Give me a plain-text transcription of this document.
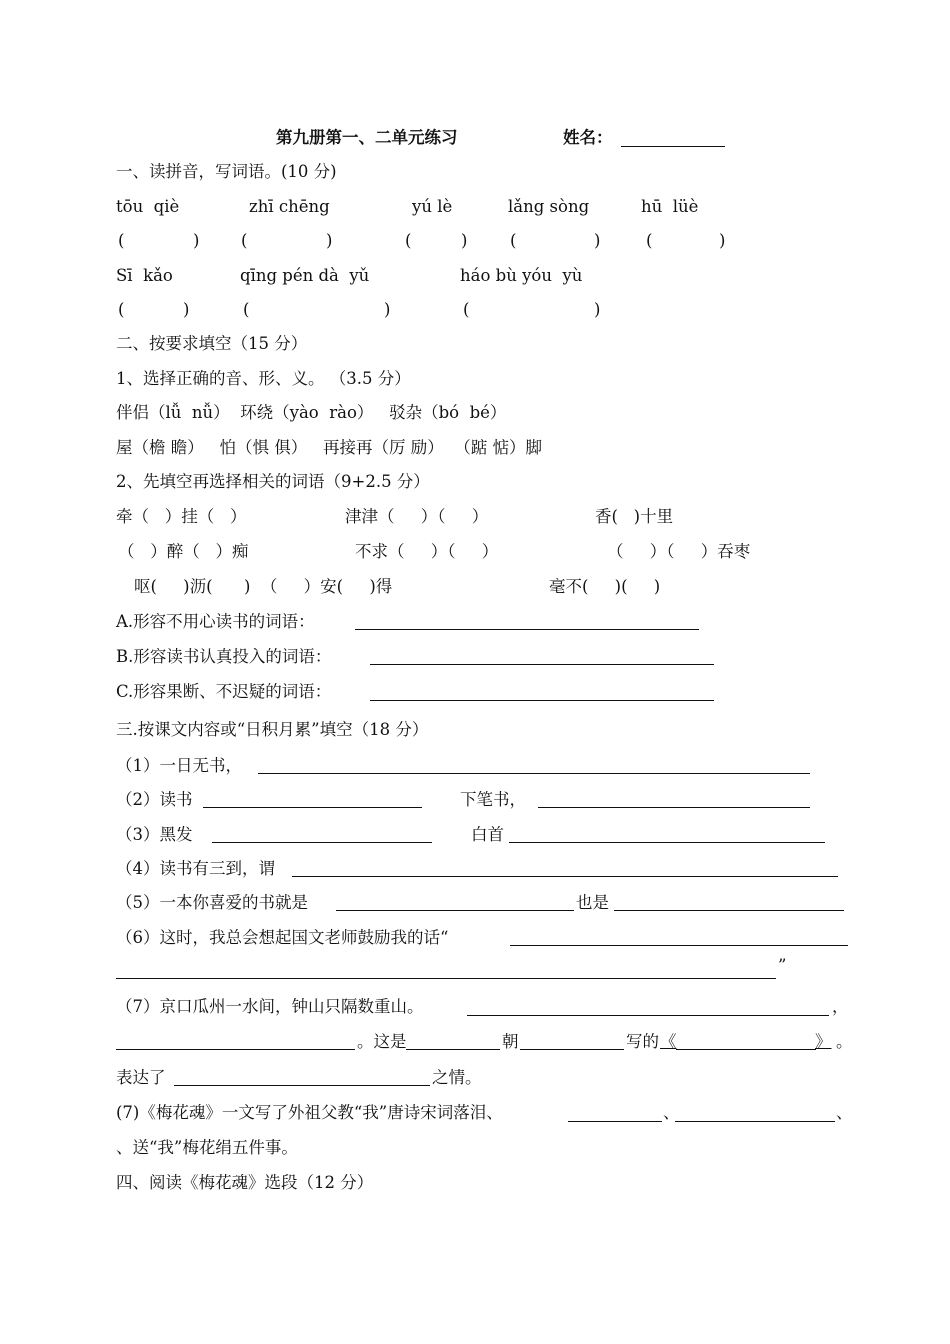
第九册第一、二单元练习	姓名：
一、读拼音，写词语。(10 分)
tōu  qiè	zhī chēng	yú lè	lǎng sòng	hū  lüè
(	)	(	)	(	)	(	)	(	)
Sī  kǎo	qīng pén dà  yǔ	háo bù yóu  yù
(	)	(	)	(	)
二、按要求填空（15 分）
1、选择正确的音、形、义。 （3.5 分）
伴侣（lǚ  nǚ）  环绕（yào  rào）   驳杂（bó  bé）
屋（檐 瞻）   怕（惧 俱）   再接再（厉 励）  （踮 惦）脚
2、先填空再选择相关的词语（9+2.5 分）
牵（   ）挂（   ）	津津（     ）（     ）	香(   )十里
（   ）醉（   ）痴	不求（     ）（     ）	（     ）（     ）吞枣
呕(     )沥(      )  （     ）安(     )得	毫不(     )(     )
A.形容不用心读书的词语：
B.形容读书认真投入的词语：
C.形容果断、不迟疑的词语：
三.按课文内容或“日积月累”填空（18 分）
（1）一日无书，
（2）读书	下笔书，
（3）黑发	白首
（4）读书有三到，谓
（5）一本你喜爱的书就是	也是
（6）这时，我总会想起国文老师鼓励我的话“
”
（7）京口瓜州一水间，钟山只隔数重山。	，
。这是	朝	写的 《	》 。
表达了	之情。
(7)《梅花魂》一文写了外祖父教“我”唐诗宋词落泪、	、	、
、送“我”梅花绢五件事。
四、阅读《梅花魂》选段（12 分）
